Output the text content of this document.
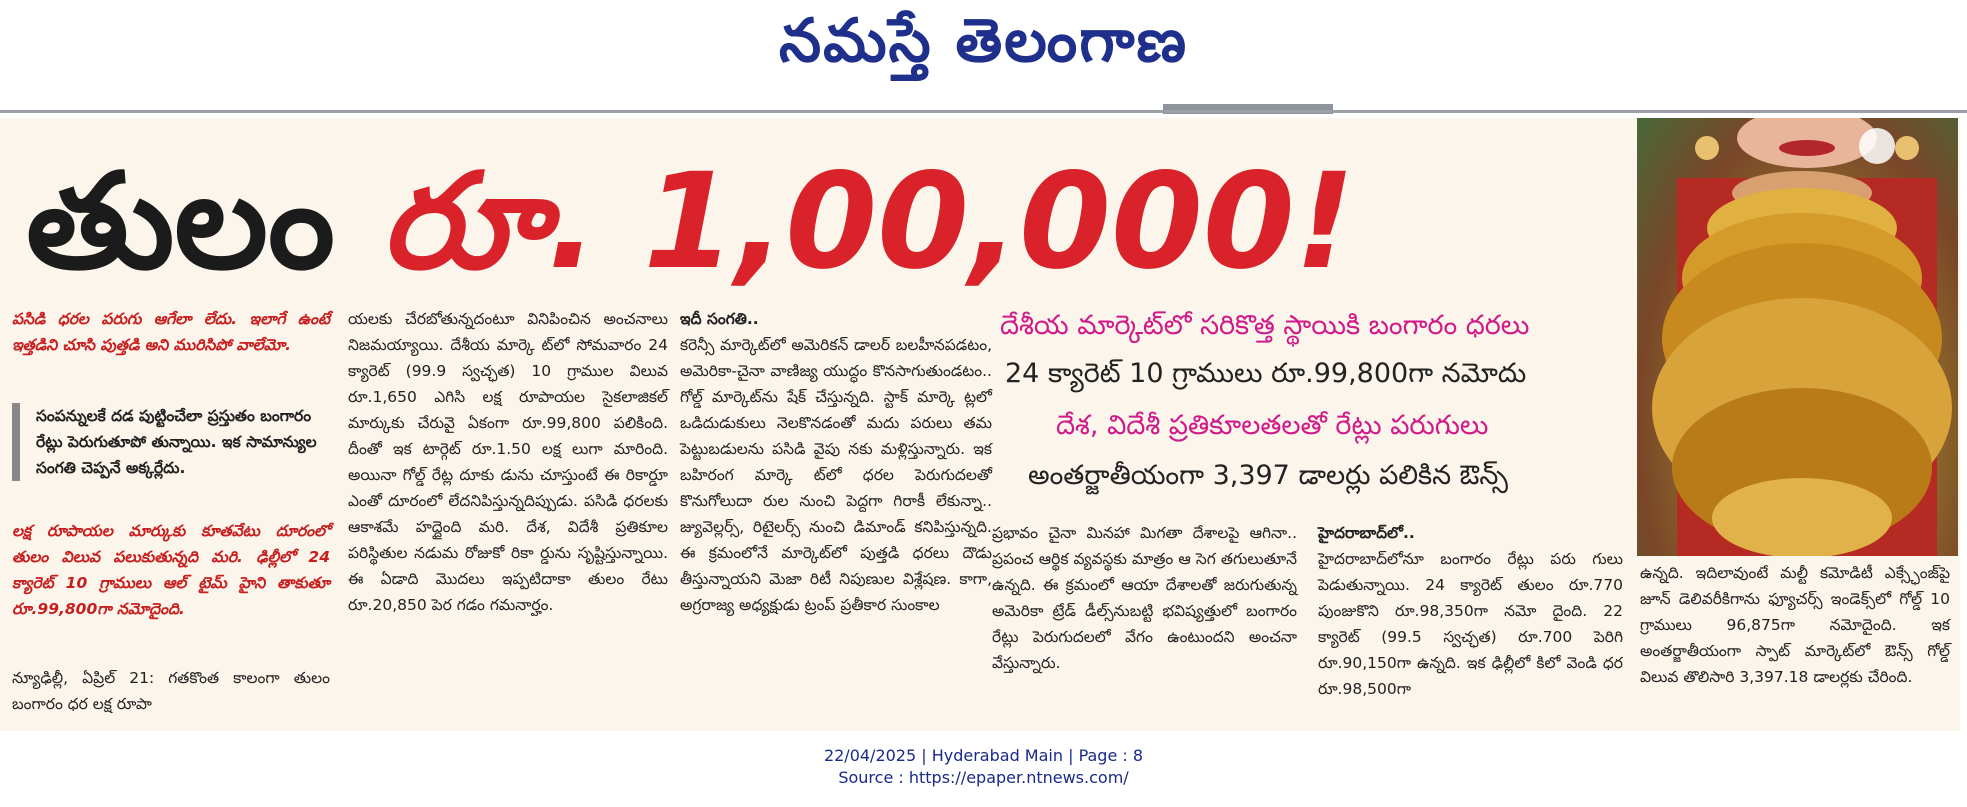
నమస్తే తెలంగాణ
తులం రూ. 1,00,000!

పసిడి ధరల పరుగు ఆగేలా లేదు. ఇలాగే ఉంటే ఇత్తడిని చూసి పుత్తడి అని మురిసిపో వాలేమో.

సంపన్నులకే దడ పుట్టించేలా ప్రస్తుతం బంగారం రేట్లు పెరుగుతూపో తున్నాయి. ఇక సామాన్యుల సంగతి చెప్పనే అక్కర్లేదు.

లక్ష రూపాయల మార్కుకు కూతవేటు దూరంలో తులం విలువ పలుకుతున్నది మరి. ఢిల్లీలో 24 క్యారెట్ 10 గ్రాములు ఆల్ టైమ్ హైని తాకుతూ రూ.99,800గా నమోదైంది.

న్యూఢిల్లీ, ఏప్రిల్ 21: గతకొంత కాలంగా తులం బంగారం ధర లక్ష రూపా

యలకు చేరబోతున్నదంటూ వినిపించిన అంచనాలు నిజమయ్యాయి. దేశీయ మార్కె ట్‌లో సోమవారం 24 క్యారెట్ (99.9 స్వచ్ఛత) 10 గ్రాముల విలువ రూ.1,650 ఎగిసి లక్ష రూపాయల సైకలాజికల్ మార్కుకు చేరువై ఏకంగా రూ.99,800 పలికింది. దీంతో ఇక టార్గెట్ రూ.1.50 లక్ష లుగా మారింది. అయినా గోల్డ్ రేట్ల దూకు డును చూస్తుంటే ఈ రికార్డూ ఎంతో దూరంలో లేదనిపిస్తున్నదిప్పుడు. పసిడి ధరలకు ఆకాశమే హద్దైంది మరి. దేశ, విదేశీ ప్రతికూల పరిస్థితుల నడుమ రోజుకో రికా ర్డును సృష్టిస్తున్నాయి. ఈ ఏడాది మొదలు ఇప్పటిదాకా తులం రేటు రూ.20,850 పెర గడం గమనార్హం.

ఇదీ సంగతి..

కరెన్సీ మార్కెట్‌లో అమెరికన్ డాలర్ బలహీనపడటం, అమెరికా-చైనా వాణిజ్య యుద్ధం కొనసాగుతుండటం.. గోల్డ్ మార్కెట్‌ను షేక్ చేస్తున్నది. స్టాక్ మార్కె ట్లలో ఒడిదుడుకులు నెలకొనడంతో మదు పరులు తమ పెట్టుబడులను పసిడి వైపు నకు మళ్లిస్తున్నారు. ఇక బహిరంగ మార్కె ట్‌లో ధరల పెరుగుదలతో కొనుగోలుదా రుల నుంచి పెద్దగా గిరాకీ లేకున్నా.. జ్యువెల్లర్స్, రిటైలర్స్ నుంచి డిమాండ్ కనిపిస్తున్నది. ఈ క్రమంలోనే మార్కెట్‌లో పుత్తడి ధరలు దౌడు తీస్తున్నాయని మెజా రిటీ నిపుణుల విశ్లేషణ. కాగా, అగ్రరాజ్య అధ్యక్షుడు ట్రంప్ ప్రతీకార సుంకాల

దేశీయ మార్కెట్‌లో సరికొత్త స్థాయికి బంగారం ధరలు
24 క్యారెట్ 10 గ్రాములు రూ.99,800గా నమోదు
దేశ, విదేశీ ప్రతికూలతలతో రేట్లు పరుగులు
అంతర్జాతీయంగా 3,397 డాలర్లు పలికిన ఔన్స్

ప్రభావం చైనా మినహా మిగతా దేశాలపై ఆగినా.. ప్రపంచ ఆర్థిక వ్యవస్థకు మాత్రం ఆ సెగ తగులుతూనే ఉన్నది. ఈ క్రమంలో ఆయా దేశాలతో జరుగుతున్న అమెరికా ట్రేడ్ డీల్స్‌నుబట్టి భవిష్యత్తులో బంగారం రేట్లు పెరుగుదలలో వేగం ఉంటుందని అంచనా వేస్తున్నారు.

హైదరాబాద్‌లో..

హైదరాబాద్‌లోనూ బంగారం రేట్లు పరు గులు పెడుతున్నాయి. 24 క్యారెట్ తులం రూ.770 పుంజుకొని రూ.98,350గా నమో దైంది. 22 క్యారెట్ (99.5 స్వచ్ఛత) రూ.700 పెరిగి రూ.90,150గా ఉన్నది. ఇక ఢిల్లీలో కిలో వెండి ధర రూ.98,500గా

ఉన్నది. ఇదిలావుంటే మల్టీ కమోడిటీ ఎక్స్ఛేంజ్‌పై జూన్ డెలివరీకిగాను ఫ్యూచర్స్ ఇండెక్స్‌లో గోల్డ్ 10 గ్రాములు 96,875గా నమోదైంది. ఇక అంతర్జాతీయంగా స్పాట్ మార్కెట్‌లో ఔన్స్ గోల్డ్ విలువ తొలిసారి 3,397.18 డాలర్లకు చేరింది.

22/04/2025 | Hyderabad Main | Page : 8
Source : https://epaper.ntnews.com/
